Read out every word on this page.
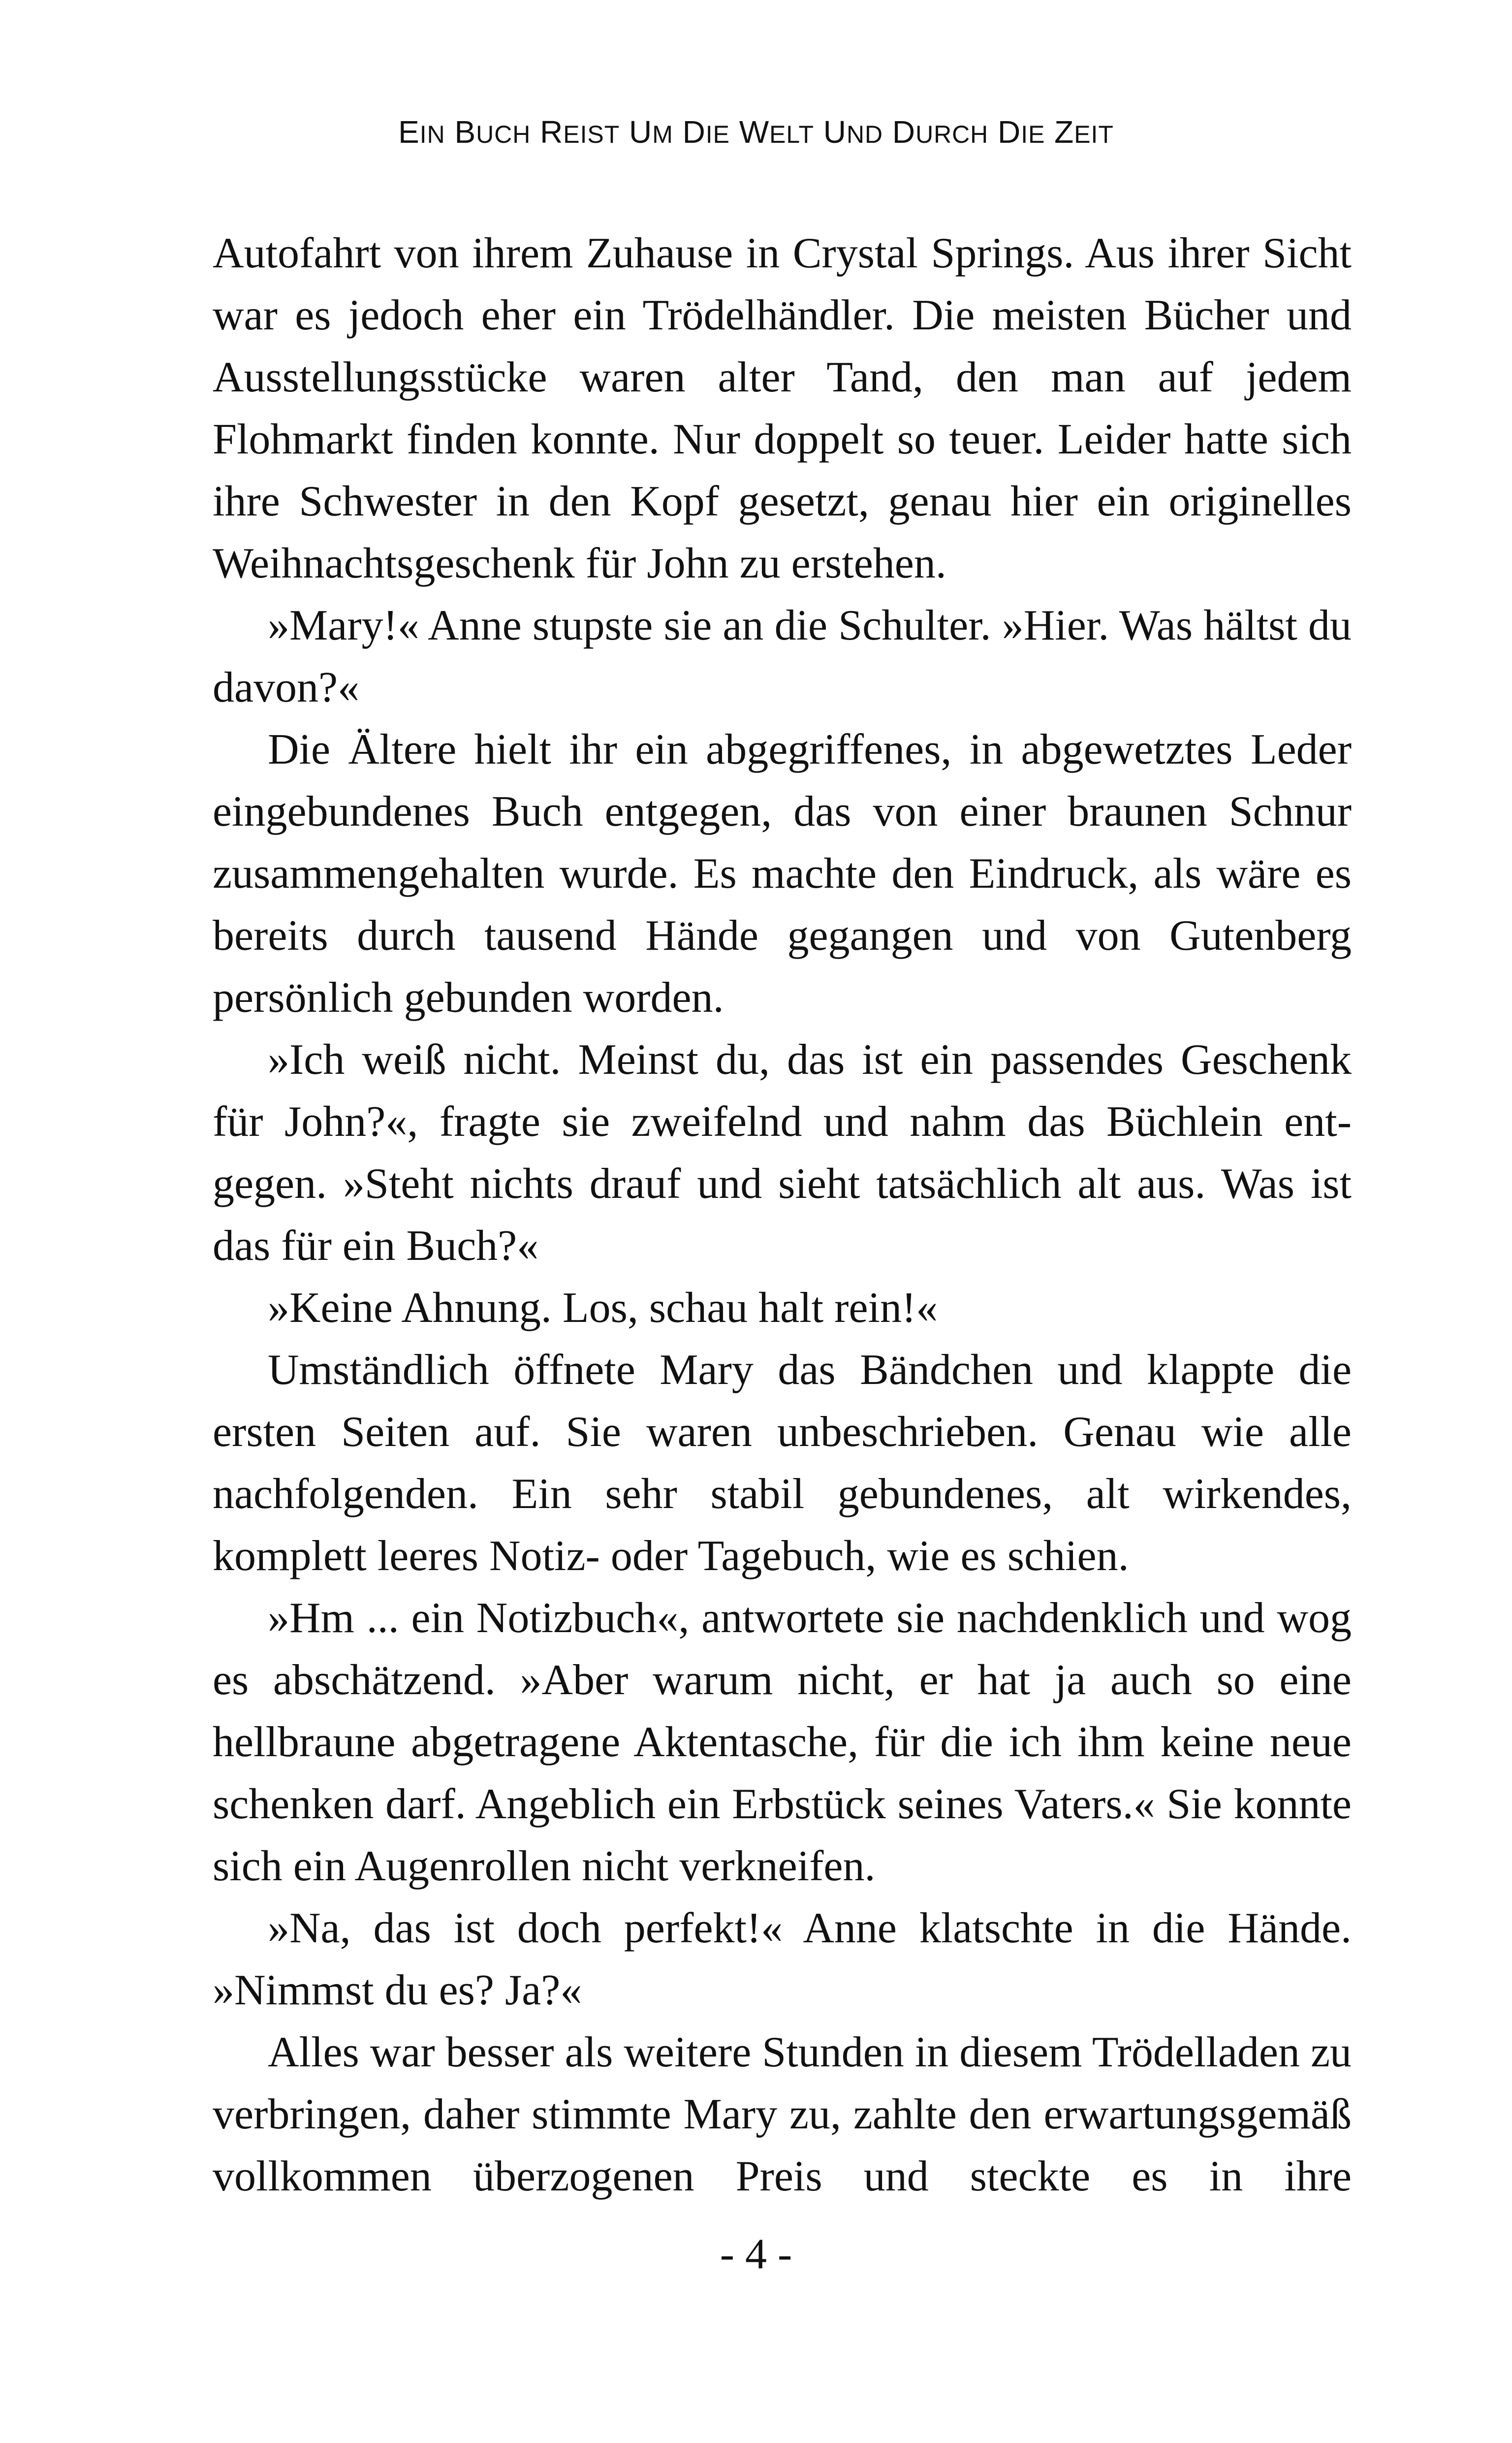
EIN BUCH REIST UM DIE WELT UND DURCH DIE ZEIT

Autofahrt von ihrem Zuhause in Crystal Springs. Aus ihrer Sicht war es jedoch eher ein Trödelhändler. Die meisten Bücher und Ausstellungsstücke waren alter Tand, den man auf jedem Flohmarkt finden konnte. Nur doppelt so teuer. Leider hatte sich ihre Schwester in den Kopf gesetzt, genau hier ein originelles Weihnachtsgeschenk für John zu erstehen.

»Mary!« Anne stupste sie an die Schulter. »Hier. Was hältst du davon?«

Die Ältere hielt ihr ein abgegriffenes, in abgewetztes Leder eingebundenes Buch entgegen, das von einer braunen Schnur zusammengehalten wurde. Es machte den Eindruck, als wäre es bereits durch tausend Hände gegangen und von Gutenberg persönlich gebunden worden.

»Ich weiß nicht. Meinst du, das ist ein passendes Geschenk für John?«, fragte sie zweifelnd und nahm das Büchlein entgegen. »Steht nichts drauf und sieht tatsächlich alt aus. Was ist das für ein Buch?«

»Keine Ahnung. Los, schau halt rein!«

Umständlich öffnete Mary das Bändchen und klappte die ersten Seiten auf. Sie waren unbeschrieben. Genau wie alle nachfolgenden. Ein sehr stabil gebundenes, alt wirkendes, komplett leeres Notiz- oder Tagebuch, wie es schien.

»Hm ... ein Notizbuch«, antwortete sie nachdenklich und wog es abschätzend. »Aber warum nicht, er hat ja auch so eine hellbraune abgetragene Aktentasche, für die ich ihm keine neue schenken darf. Angeblich ein Erbstück seines Vaters.« Sie konnte sich ein Augenrollen nicht verkneifen.

»Na, das ist doch perfekt!« Anne klatschte in die Hände. »Nimmst du es? Ja?«

Alles war besser als weitere Stunden in diesem Trödelladen zu verbringen, daher stimmte Mary zu, zahlte den erwartungsgemäß vollkommen überzogenen Preis und steckte es in ihre

- 4 -
